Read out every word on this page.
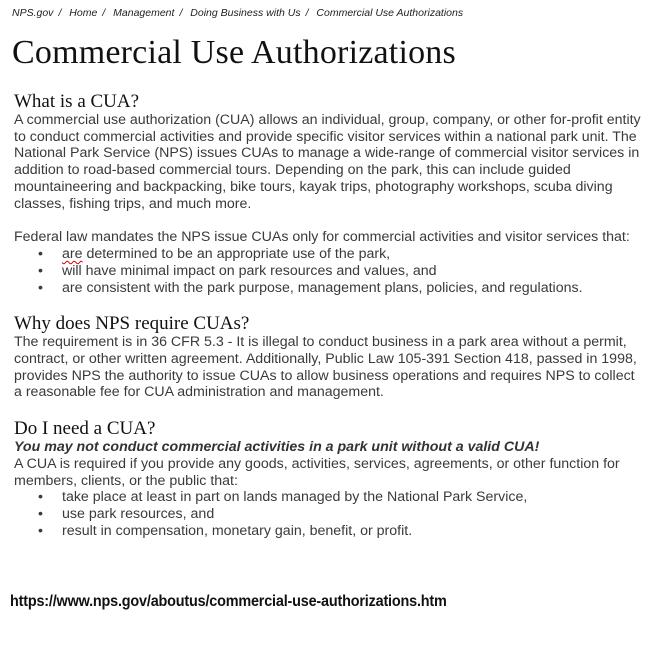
NPS.gov / Home / Management / Doing Business with Us / Commercial Use Authorizations
Commercial Use Authorizations
What is a CUA?

A commercial use authorization (CUA) allows an individual, group, company, or other for-profit entity to conduct commercial activities and provide specific visitor services within a national park unit. The National Park Service (NPS) issues CUAs to manage a wide-range of commercial visitor services in addition to road-based commercial tours. Depending on the park, this can include guided mountaineering and backpacking, bike tours, kayak trips, photography workshops, scuba diving classes, fishing trips, and much more.

Federal law mandates the NPS issue CUAs only for commercial activities and visitor services that:

• are determined to be an appropriate use of the park,
• will have minimal impact on park resources and values, and
• are consistent with the park purpose, management plans, policies, and regulations.
Why does NPS require CUAs?

The requirement is in 36 CFR 5.3 - It is illegal to conduct business in a park area without a permit, contract, or other written agreement. Additionally, Public Law 105-391 Section 418, passed in 1998, provides NPS the authority to issue CUAs to allow business operations and requires NPS to collect a reasonable fee for CUA administration and management.

Do I need a CUA?

You may not conduct commercial activities in a park unit without a valid CUA!

A CUA is required if you provide any goods, activities, services, agreements, or other function for members, clients, or the public that:

• take place at least in part on lands managed by the National Park Service,
• use park resources, and
• result in compensation, monetary gain, benefit, or profit.
https://www.nps.gov/aboutus/commercial-use-authorizations.htm
